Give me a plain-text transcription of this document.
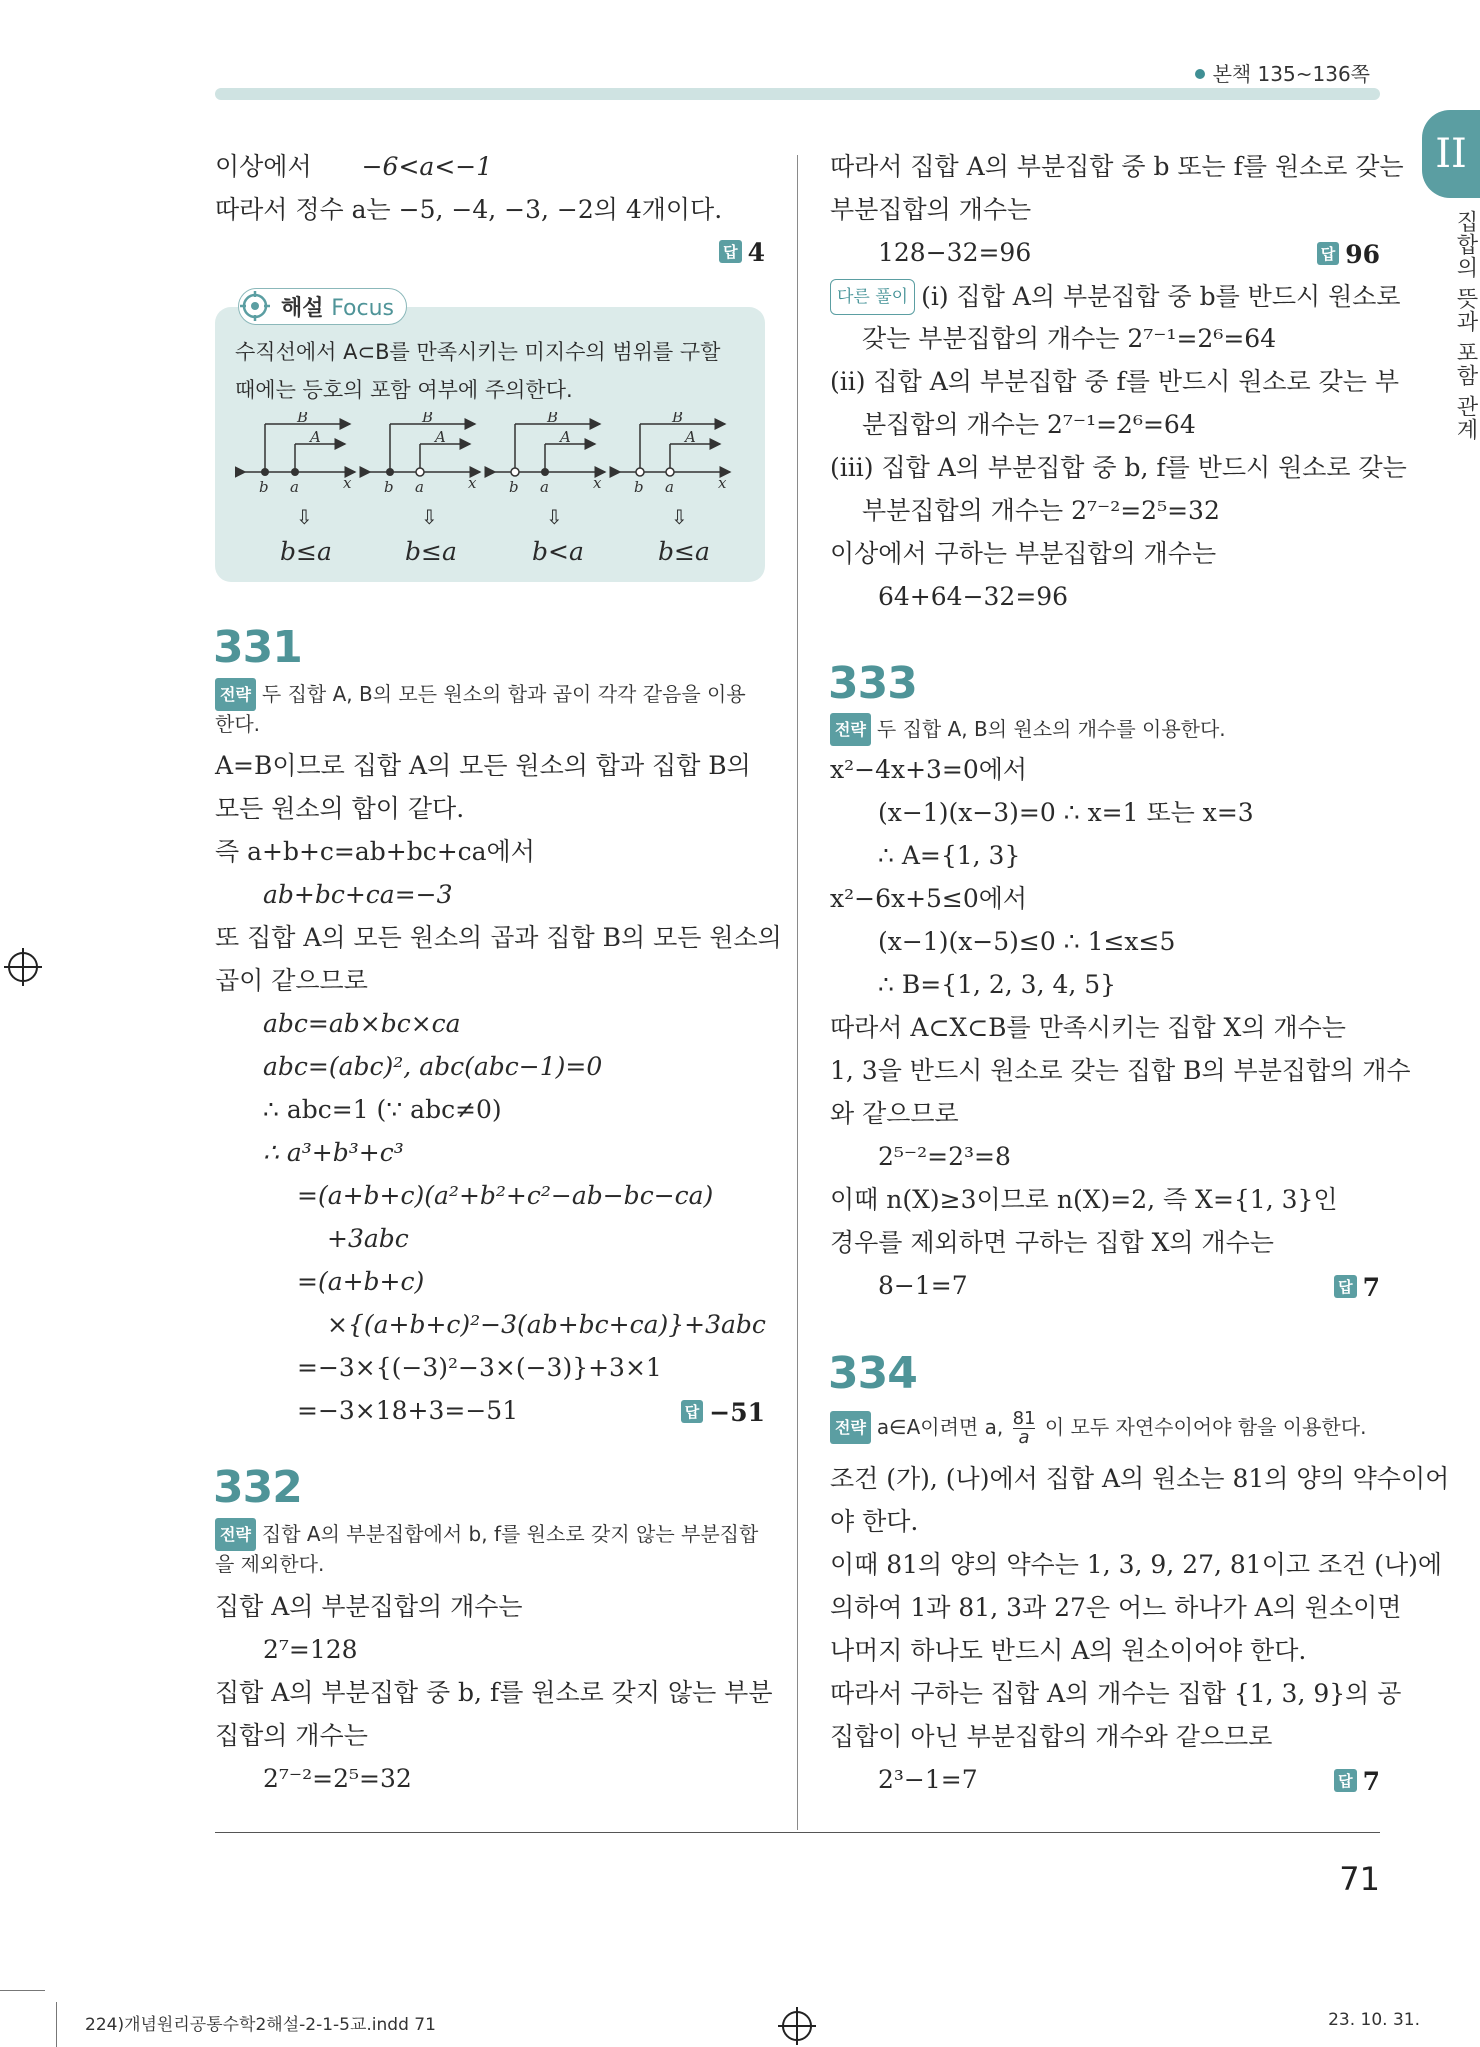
본책 135~136쪽
II
집합의 뜻과 포함 관계
이상에서 −6<a<−1
따라서 정수 a는 −5, −4, −3, −2의 4개이다.
답 4
해설 Focus
수직선에서 A⊂B를 만족시키는 미지수의 범위를 구할
때에는 등호의 포함 여부에 주의한다.
B
A
b a	x
B
A
b a	x
B
A
b a	x
B
A
b a	x
⇩	⇩	⇩	⇩
b≤a	b≤a	b<a	b≤a
331
전략 두 집합 A, B의 모든 원소의 합과 곱이 각각 같음을 이용
한다.
A=B이므로 집합 A의 모든 원소의 합과 집합 B의
모든 원소의 합이 같다.
즉 a+b+c=ab+bc+ca에서
ab+bc+ca=−3
또 집합 A의 모든 원소의 곱과 집합 B의 모든 원소의
곱이 같으므로
abc=ab×bc×ca
abc=(abc)², abc(abc−1)=0
∴ abc=1 (∵ abc≠0)
∴ a³+b³+c³
=(a+b+c)(a²+b²+c²−ab−bc−ca)
+3abc
=(a+b+c)
×{(a+b+c)²−3(ab+bc+ca)}+3abc
=−3×{(−3)²−3×(−3)}+3×1
=−3×18+3=−51	답 −51
332
전략 집합 A의 부분집합에서 b, f를 원소로 갖지 않는 부분집합
을 제외한다.
집합 A의 부분집합의 개수는
2⁷=128
집합 A의 부분집합 중 b, f를 원소로 갖지 않는 부분
집합의 개수는
2⁷⁻²=2⁵=32
따라서 집합 A의 부분집합 중 b 또는 f를 원소로 갖는
부분집합의 개수는
128−32=96	답 96
다른 풀이 (i) 집합 A의 부분집합 중 b를 반드시 원소로
갖는 부분집합의 개수는 2⁷⁻¹=2⁶=64
(ii) 집합 A의 부분집합 중 f를 반드시 원소로 갖는 부
분집합의 개수는 2⁷⁻¹=2⁶=64
(iii) 집합 A의 부분집합 중 b, f를 반드시 원소로 갖는
부분집합의 개수는 2⁷⁻²=2⁵=32
이상에서 구하는 부분집합의 개수는
64+64−32=96
333
전략 두 집합 A, B의 원소의 개수를 이용한다.
x²−4x+3=0에서
(x−1)(x−3)=0 ∴ x=1 또는 x=3
∴ A={1, 3}
x²−6x+5≤0에서
(x−1)(x−5)≤0 ∴ 1≤x≤5
∴ B={1, 2, 3, 4, 5}
따라서 A⊂X⊂B를 만족시키는 집합 X의 개수는
1, 3을 반드시 원소로 갖는 집합 B의 부분집합의 개수
와 같으므로
2⁵⁻²=2³=8
이때 n(X)≥3이므로 n(X)=2, 즉 X={1, 3}인
경우를 제외하면 구하는 집합 X의 개수는
8−1=7	답 7
334
전략 a∈A이려면 a, $\frac{81}{a}$ 이 모두 자연수이어야 함을 이용한다.
조건 (가), (나)에서 집합 A의 원소는 81의 양의 약수이어
야 한다.
이때 81의 양의 약수는 1, 3, 9, 27, 81이고 조건 (나)에
의하여 1과 81, 3과 27은 어느 하나가 A의 원소이면
나머지 하나도 반드시 A의 원소이어야 한다.
따라서 구하는 집합 A의 개수는 집합 {1, 3, 9}의 공
집합이 아닌 부분집합의 개수와 같으므로
2³−1=7	답 7
71
224)개념원리공통수학2해설-2-1-5교.indd 71	23. 10. 31.
